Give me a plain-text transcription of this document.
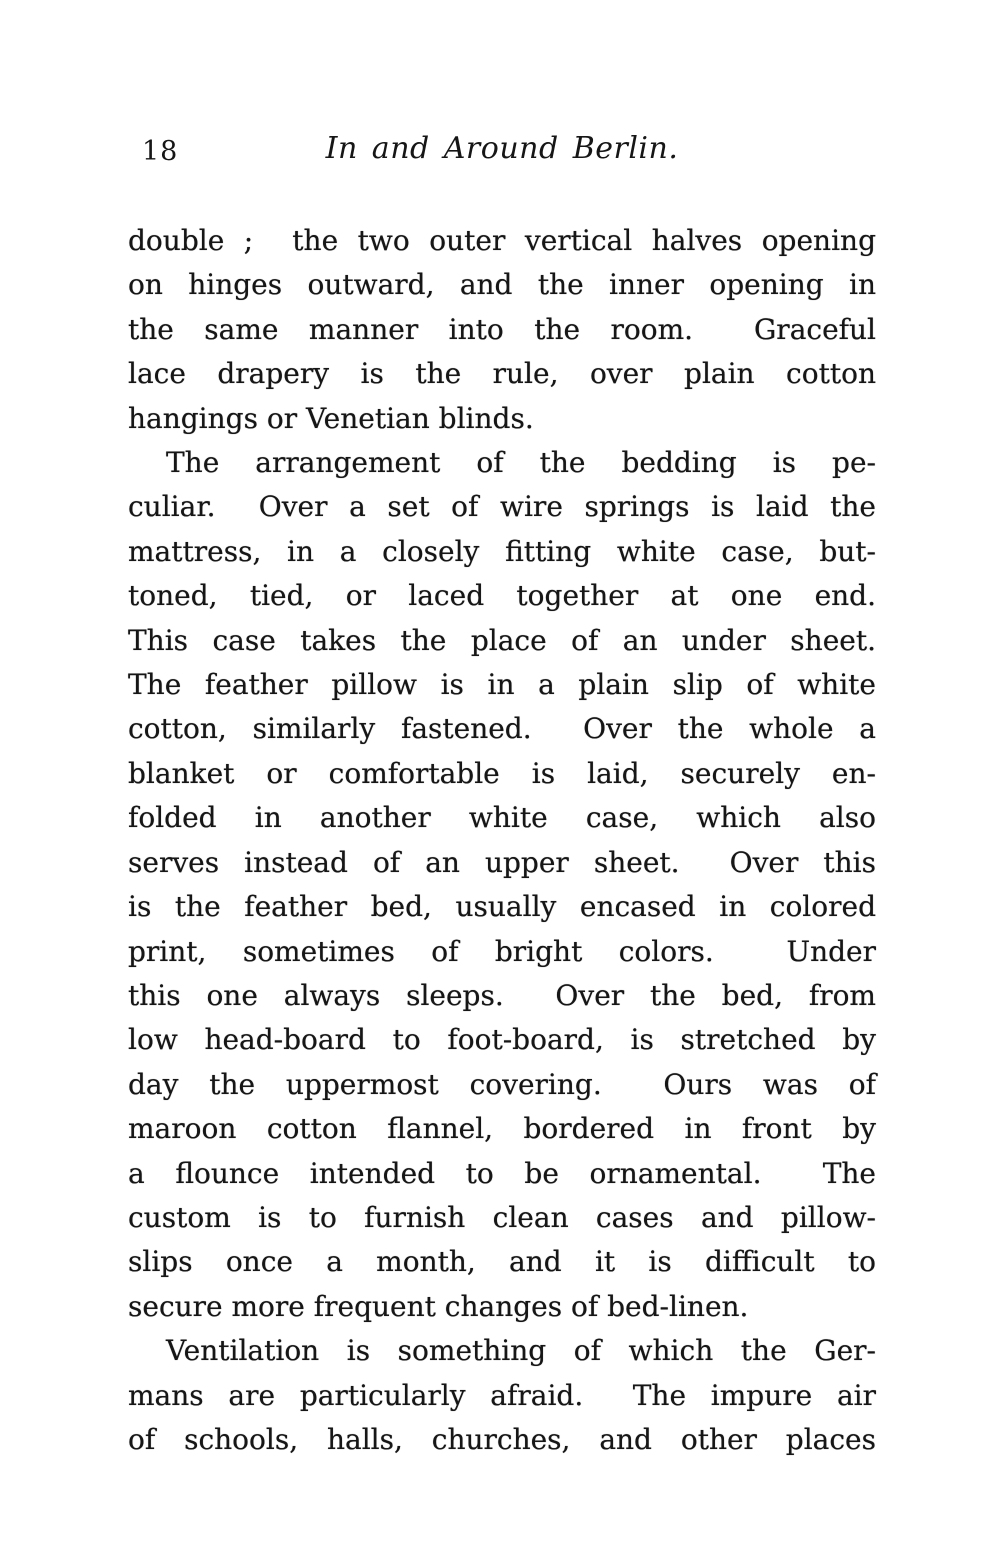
18	In and Around Berlin.
double ;  the two outer vertical halves opening
on hinges outward, and the inner opening in
the same manner into the room.  Graceful
lace drapery is the rule, over plain cotton
hangings or Venetian blinds.
The arrangement of the bedding is pe-
culiar.  Over a set of wire springs is laid the
mattress, in a closely fitting white case, but-
toned, tied, or laced together at one end.
This case takes the place of an under sheet.
The feather pillow is in a plain slip of white
cotton, similarly fastened.  Over the whole a
blanket or comfortable is laid, securely en-
folded in another white case, which also
serves instead of an upper sheet.  Over this
is the feather bed, usually encased in colored
print, sometimes of bright colors.  Under
this one always sleeps.  Over the bed, from
low head-board to foot-board, is stretched by
day the uppermost covering.  Ours was of
maroon cotton flannel, bordered in front by
a flounce intended to be ornamental.  The
custom is to furnish clean cases and pillow-
slips once a month, and it is difficult to
secure more frequent changes of bed-linen.
Ventilation is something of which the Ger-
mans are particularly afraid.  The impure air
of schools, halls, churches, and other places
